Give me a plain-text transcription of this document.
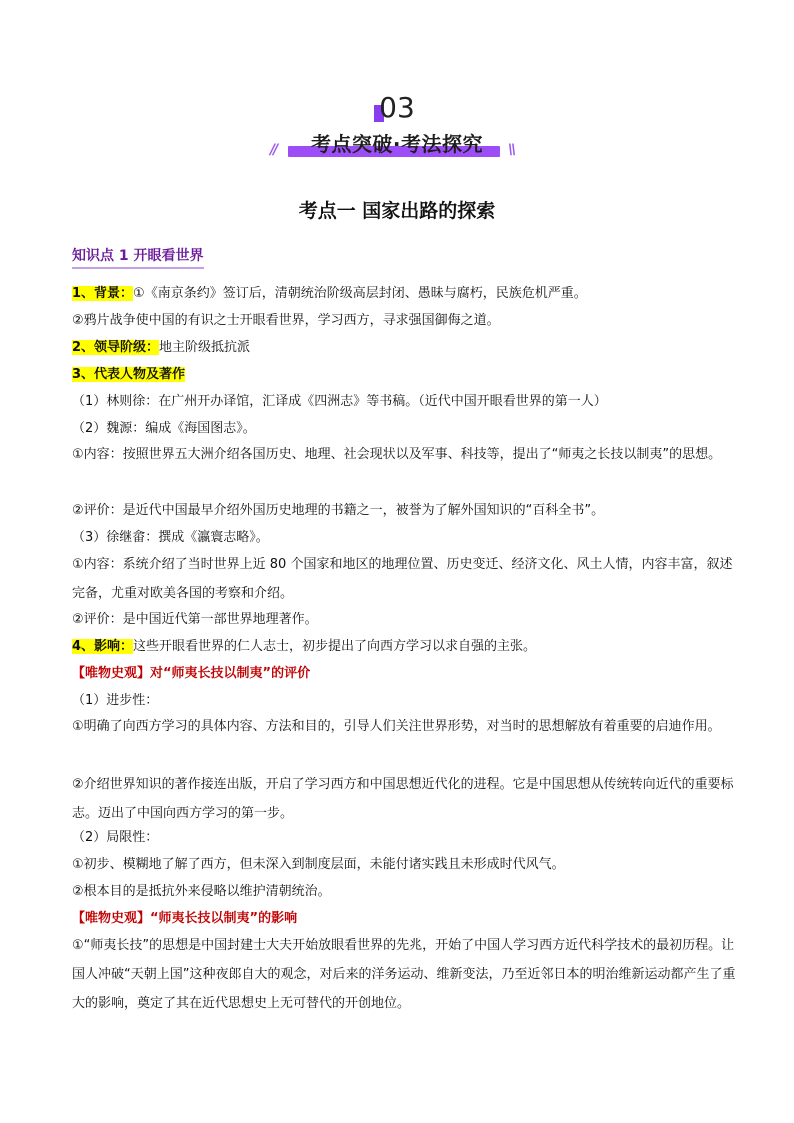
03
//	考点突破·考法探究	\\
考点一 国家出路的探索
知识点 1 开眼看世界
1、背景：①《南京条约》签订后，清朝统治阶级高层封闭、愚昧与腐朽，民族危机严重。
②鸦片战争使中国的有识之士开眼看世界，学习西方，寻求强国御侮之道。
2、领导阶级：地主阶级抵抗派
3、代表人物及著作
（1）林则徐：在广州开办译馆，汇译成《四洲志》等书稿。（近代中国开眼看世界的第一人）
（2）魏源：编成《海国图志》。
①内容：按照世界五大洲介绍各国历史、地理、社会现状以及军事、科技等，提出了“师夷之长技以制夷”的思想。
②评价：是近代中国最早介绍外国历史地理的书籍之一，被誉为了解外国知识的“百科全书”。
（3）徐继畲：撰成《瀛寰志略》。
①内容：系统介绍了当时世界上近 80 个国家和地区的地理位置、历史变迁、经济文化、风土人情，内容丰富，叙述完备，尤重对欧美各国的考察和介绍。
②评价：是中国近代第一部世界地理著作。
4、影响：这些开眼看世界的仁人志士，初步提出了向西方学习以求自强的主张。
【唯物史观】对“师夷长技以制夷”的评价
（1）进步性：
①明确了向西方学习的具体内容、方法和目的，引导人们关注世界形势，对当时的思想解放有着重要的启迪作用。
②介绍世界知识的著作接连出版，开启了学习西方和中国思想近代化的进程。它是中国思想从传统转向近代的重要标志。迈出了中国向西方学习的第一步。
（2）局限性：
①初步、模糊地了解了西方，但未深入到制度层面，未能付诸实践且未形成时代风气。
②根本目的是抵抗外来侵略以维护清朝统治。
【唯物史观】“师夷长技以制夷”的影响
①“师夷长技”的思想是中国封建士大夫开始放眼看世界的先兆，开始了中国人学习西方近代科学技术的最初历程。让国人冲破“天朝上国”这种夜郎自大的观念，对后来的洋务运动、维新变法，乃至近邻日本的明治维新运动都产生了重大的影响，奠定了其在近代思想史上无可替代的开创地位。
